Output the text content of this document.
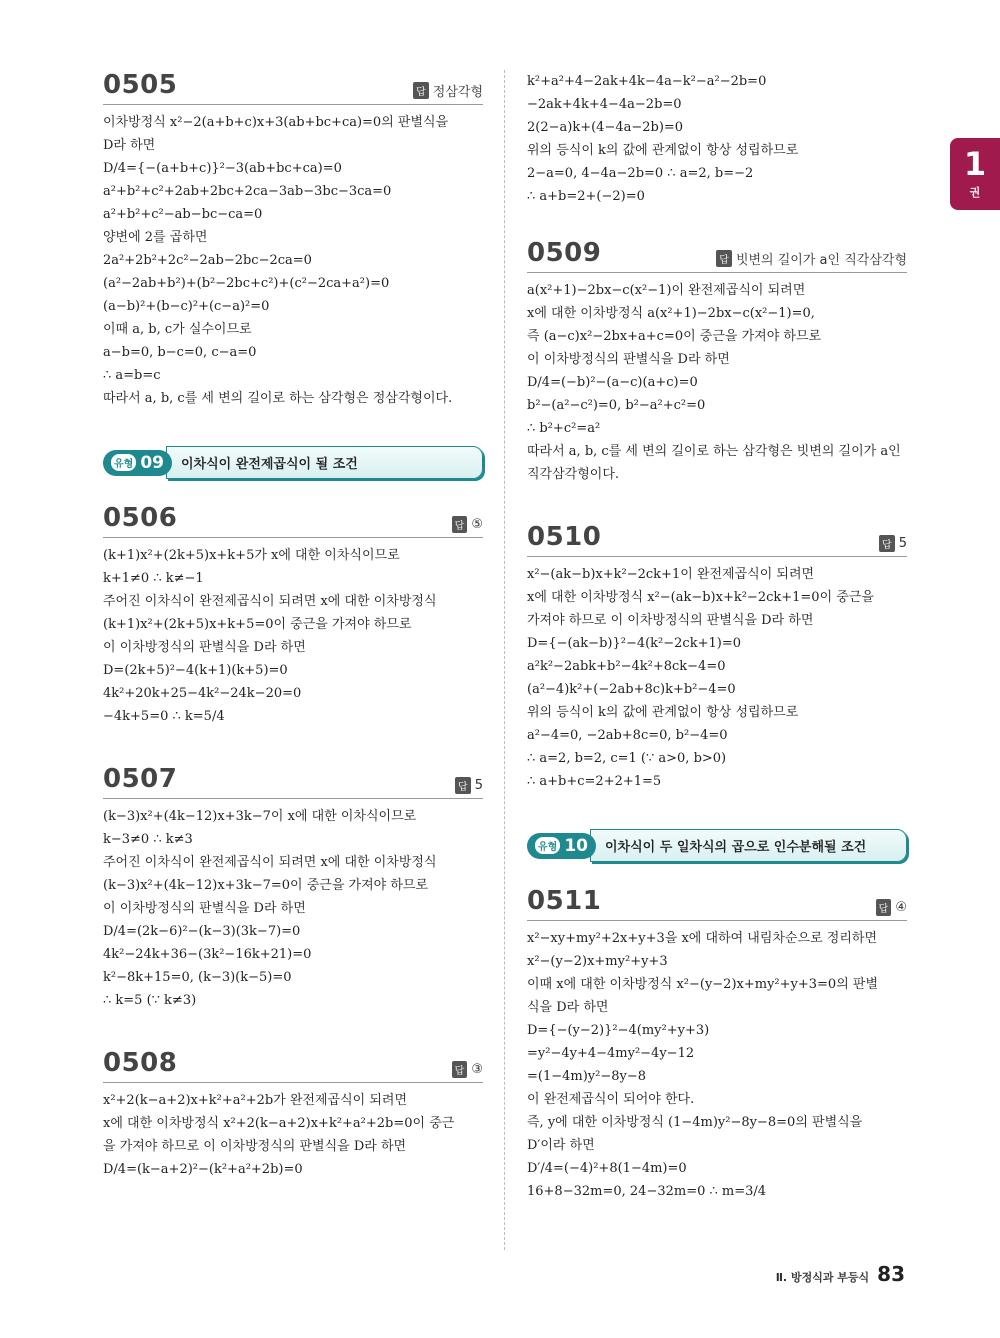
1
권
0505	답 정삼각형
이차방정식 x²−2(a+b+c)x+3(ab+bc+ca)=0의 판별식을
D라 하면
D/4={−(a+b+c)}²−3(ab+bc+ca)=0
a²+b²+c²+2ab+2bc+2ca−3ab−3bc−3ca=0
a²+b²+c²−ab−bc−ca=0
양변에 2를 곱하면
2a²+2b²+2c²−2ab−2bc−2ca=0
(a²−2ab+b²)+(b²−2bc+c²)+(c²−2ca+a²)=0
(a−b)²+(b−c)²+(c−a)²=0
이때 a, b, c가 실수이므로
a−b=0, b−c=0, c−a=0
∴ a=b=c
따라서 a, b, c를 세 변의 길이로 하는 삼각형은 정삼각형이다.
유형 09	이차식이 완전제곱식이 될 조건
0506	답 ⑤
(k+1)x²+(2k+5)x+k+5가 x에 대한 이차식이므로
k+1≠0 ∴ k≠−1
주어진 이차식이 완전제곱식이 되려면 x에 대한 이차방정식
(k+1)x²+(2k+5)x+k+5=0이 중근을 가져야 하므로
이 이차방정식의 판별식을 D라 하면
D=(2k+5)²−4(k+1)(k+5)=0
4k²+20k+25−4k²−24k−20=0
−4k+5=0 ∴ k=5/4
0507	답 5
(k−3)x²+(4k−12)x+3k−7이 x에 대한 이차식이므로
k−3≠0 ∴ k≠3
주어진 이차식이 완전제곱식이 되려면 x에 대한 이차방정식
(k−3)x²+(4k−12)x+3k−7=0이 중근을 가져야 하므로
이 이차방정식의 판별식을 D라 하면
D/4=(2k−6)²−(k−3)(3k−7)=0
4k²−24k+36−(3k²−16k+21)=0
k²−8k+15=0, (k−3)(k−5)=0
∴ k=5 (∵ k≠3)
0508	답 ③
x²+2(k−a+2)x+k²+a²+2b가 완전제곱식이 되려면
x에 대한 이차방정식 x²+2(k−a+2)x+k²+a²+2b=0이 중근
을 가져야 하므로 이 이차방정식의 판별식을 D라 하면
D/4=(k−a+2)²−(k²+a²+2b)=0
k²+a²+4−2ak+4k−4a−k²−a²−2b=0
−2ak+4k+4−4a−2b=0
2(2−a)k+(4−4a−2b)=0
위의 등식이 k의 값에 관계없이 항상 성립하므로
2−a=0, 4−4a−2b=0 ∴ a=2, b=−2
∴ a+b=2+(−2)=0
0509	답 빗변의 길이가 a인 직각삼각형
a(x²+1)−2bx−c(x²−1)이 완전제곱식이 되려면
x에 대한 이차방정식 a(x²+1)−2bx−c(x²−1)=0,
즉 (a−c)x²−2bx+a+c=0이 중근을 가져야 하므로
이 이차방정식의 판별식을 D라 하면
D/4=(−b)²−(a−c)(a+c)=0
b²−(a²−c²)=0, b²−a²+c²=0
∴ b²+c²=a²
따라서 a, b, c를 세 변의 길이로 하는 삼각형은 빗변의 길이가 a인
직각삼각형이다.
0510	답 5
x²−(ak−b)x+k²−2ck+1이 완전제곱식이 되려면
x에 대한 이차방정식 x²−(ak−b)x+k²−2ck+1=0이 중근을
가져야 하므로 이 이차방정식의 판별식을 D라 하면
D={−(ak−b)}²−4(k²−2ck+1)=0
a²k²−2abk+b²−4k²+8ck−4=0
(a²−4)k²+(−2ab+8c)k+b²−4=0
위의 등식이 k의 값에 관계없이 항상 성립하므로
a²−4=0, −2ab+8c=0, b²−4=0
∴ a=2, b=2, c=1 (∵ a>0, b>0)
∴ a+b+c=2+2+1=5
유형 10	이차식이 두 일차식의 곱으로 인수분해될 조건
0511	답 ④
x²−xy+my²+2x+y+3을 x에 대하여 내림차순으로 정리하면
x²−(y−2)x+my²+y+3
이때 x에 대한 이차방정식 x²−(y−2)x+my²+y+3=0의 판별
식을 D라 하면
D={−(y−2)}²−4(my²+y+3)
=y²−4y+4−4my²−4y−12
=(1−4m)y²−8y−8
이 완전제곱식이 되어야 한다.
즉, y에 대한 이차방정식 (1−4m)y²−8y−8=0의 판별식을
D′이라 하면
D′/4=(−4)²+8(1−4m)=0
16+8−32m=0, 24−32m=0 ∴ m=3/4
Ⅱ. 방정식과 부등식 83
